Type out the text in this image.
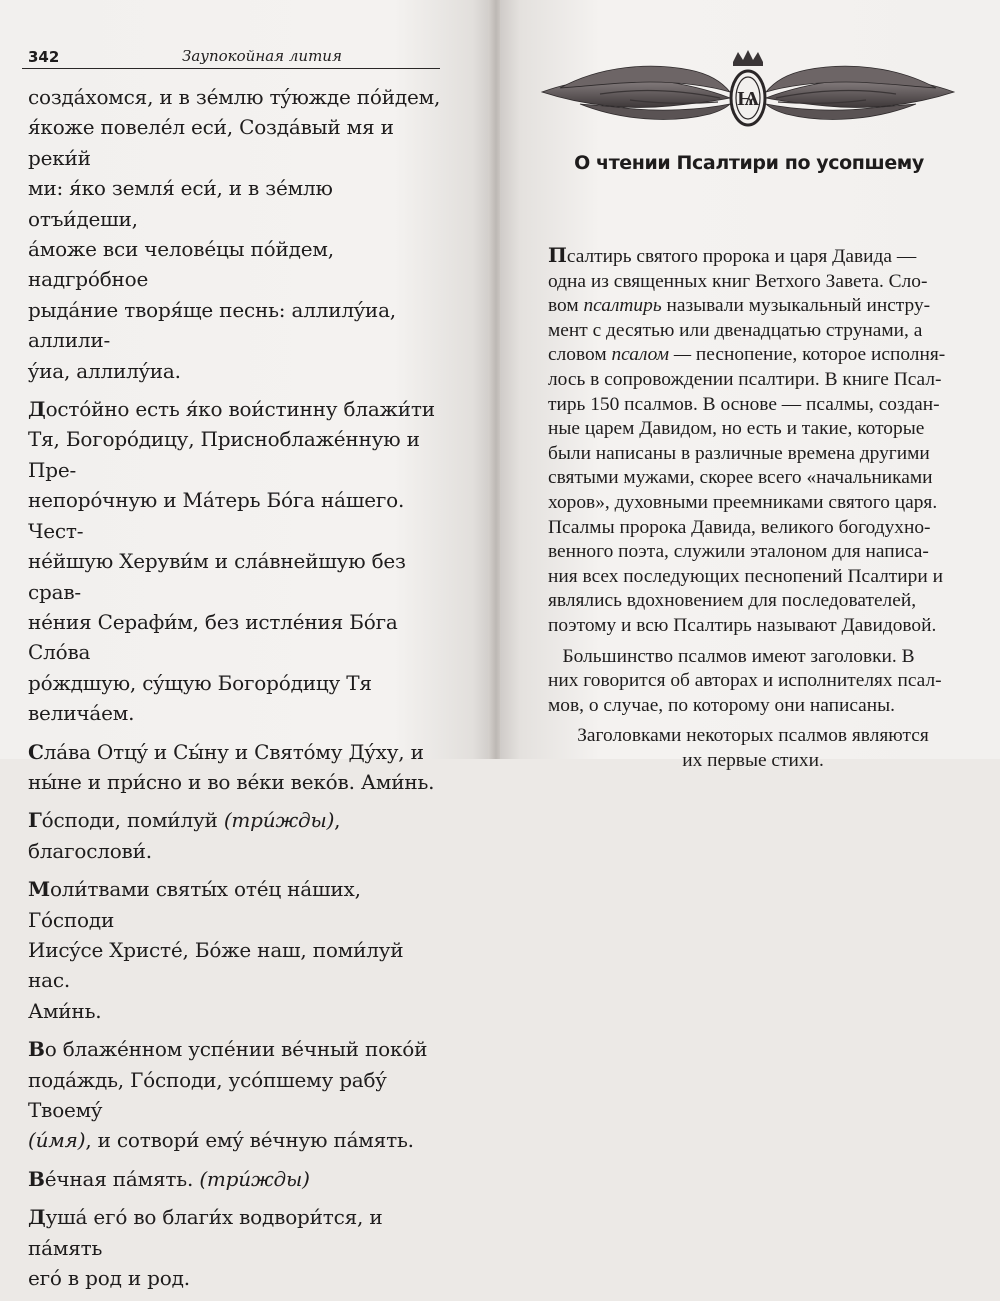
342	Заупокойная лития

создáхомся, и в зéмлю тýюжде пóйдем,
я́коже повелéл еси́, Создáвый мя и реки́й
ми: я́ко земля́ еси́, и в зéмлю отъи́деши,
áможе вси человéцы пóйдем, надгрóбное
рыдáние творя́ще песнь: аллилýиа, аллили-
ýиа, аллилýиа.

Достóйно есть я́ко вои́стинну блажи́ти
Тя, Богорóдицу, Присноблажéнную и Пре-
непорóчную и Мáтерь Бóга нáшего. Чест-
нéйшую Херуви́м и слáвнейшую без срав-
нéния Серафи́м, без истлéния Бóга Слóва
рóждшую, сýщую Богорóдицу Тя величáем.

Слáва Отцý и Сы́ну и Святóму Дýху, и
ны́не и при́сно и во вéки векóв. Ами́нь.

Гóсподи, поми́луй (три́жды), благослови́.

Моли́твами святы́х отéц нáших, Гóсподи
Иисýсе Христé, Бóже наш, поми́луй нас.
Ами́нь.

Во блажéнном успéнии вéчный покóй
подáждь, Гóсподи, усóпшему рабý Твоемý
(и́мя), и сотвори́ емý вéчную пáмять.

Вéчная пáмять. (три́жды)

Душá егó во благи́х водвори́тся, и пáмять
егó в род и род.

Ѩ
О чтении Псалтири по усопшему

Псалтирь святого пророка и царя Давида —
одна из священных книг Ветхого Завета. Сло-
вом псалтирь называли музыкальный инстру-
мент с десятью или двенадцатью струнами, а
словом псалом — песнопение, которое исполня-
лось в сопровождении псалтири. В книге Псал-
тирь 150 псалмов. В основе — псалмы, создан-
ные царем Давидом, но есть и такие, которые
были написаны в различные времена другими
святыми мужами, скорее всего «начальниками
хоров», духовными преемниками святого царя.
Псалмы пророка Давида, великого богодухно-
венного поэта, служили эталоном для написа-
ния всех последующих песнопений Псалтири и
являлись вдохновением для последователей,
поэтому и всю Псалтирь называют Давидовой.

Большинство псалмов имеют заголовки. В
них говорится об авторах и исполнителях псал-
мов, о случае, по которому они написаны.

Заголовками некоторых псалмов являются
их первые стихи.
